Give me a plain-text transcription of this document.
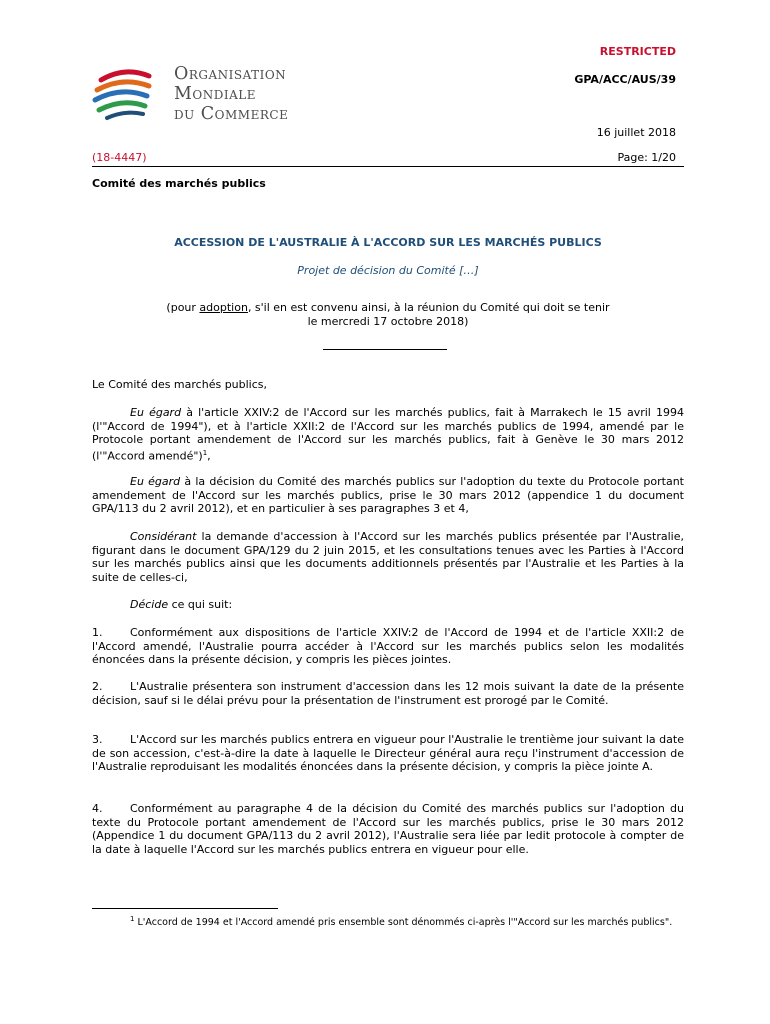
RESTRICTED
GPA/ACC/AUS/39
Organisation
Mondiale
du Commerce
16 juillet 2018
(18-4447)	Page: 1/20
Comité des marchés publics
ACCESSION DE L'AUSTRALIE À L'ACCORD SUR LES MARCHÉS PUBLICS
Projet de décision du Comité […]
(pour adoption, s'il en est convenu ainsi, à la réunion du Comité qui doit se tenir
le mercredi 17 octobre 2018)
Le Comité des marchés publics,
Eu égard à l'article XXIV:2 de l'Accord sur les marchés publics, fait à Marrakech le 15 avril 1994 (l'"Accord de 1994"), et à l'article XXII:2 de l'Accord sur les marchés publics de 1994, amendé par le Protocole portant amendement de l'Accord sur les marchés publics, fait à Genève le 30 mars 2012 (l'"Accord amendé")$^1$,
Eu égard à la décision du Comité des marchés publics sur l'adoption du texte du Protocole portant amendement de l'Accord sur les marchés publics, prise le 30 mars 2012 (appendice 1 du document GPA/113 du 2 avril 2012), et en particulier à ses paragraphes 3 et 4,
Considérant la demande d'accession à l'Accord sur les marchés publics présentée par l'Australie, figurant dans le document GPA/129 du 2 juin 2015, et les consultations tenues avec les Parties à l'Accord sur les marchés publics ainsi que les documents additionnels présentés par l'Australie et les Parties à la suite de celles-ci,
Décide ce qui suit:
1.	Conformément aux dispositions de l'article XXIV:2 de l'Accord de 1994 et de l'article XXII:2 de l'Accord amendé, l'Australie pourra accéder à l'Accord sur les marchés publics selon les modalités énoncées dans la présente décision, y compris les pièces jointes.
2.	L'Australie présentera son instrument d'accession dans les 12 mois suivant la date de la présente décision, sauf si le délai prévu pour la présentation de l'instrument est prorogé par le Comité.
3.	L'Accord sur les marchés publics entrera en vigueur pour l'Australie le trentième jour suivant la date de son accession, c'est-à-dire la date à laquelle le Directeur général aura reçu l'instrument d'accession de l'Australie reproduisant les modalités énoncées dans la présente décision, y compris la pièce jointe A.
4.	Conformément au paragraphe 4 de la décision du Comité des marchés publics sur l'adoption du texte du Protocole portant amendement de l'Accord sur les marchés publics, prise le 30 mars 2012 (Appendice 1 du document GPA/113 du 2 avril 2012), l'Australie sera liée par ledit protocole à compter de la date à laquelle l'Accord sur les marchés publics entrera en vigueur pour elle.
$^1$ L'Accord de 1994 et l'Accord amendé pris ensemble sont dénommés ci-après l'"Accord sur les marchés publics".
